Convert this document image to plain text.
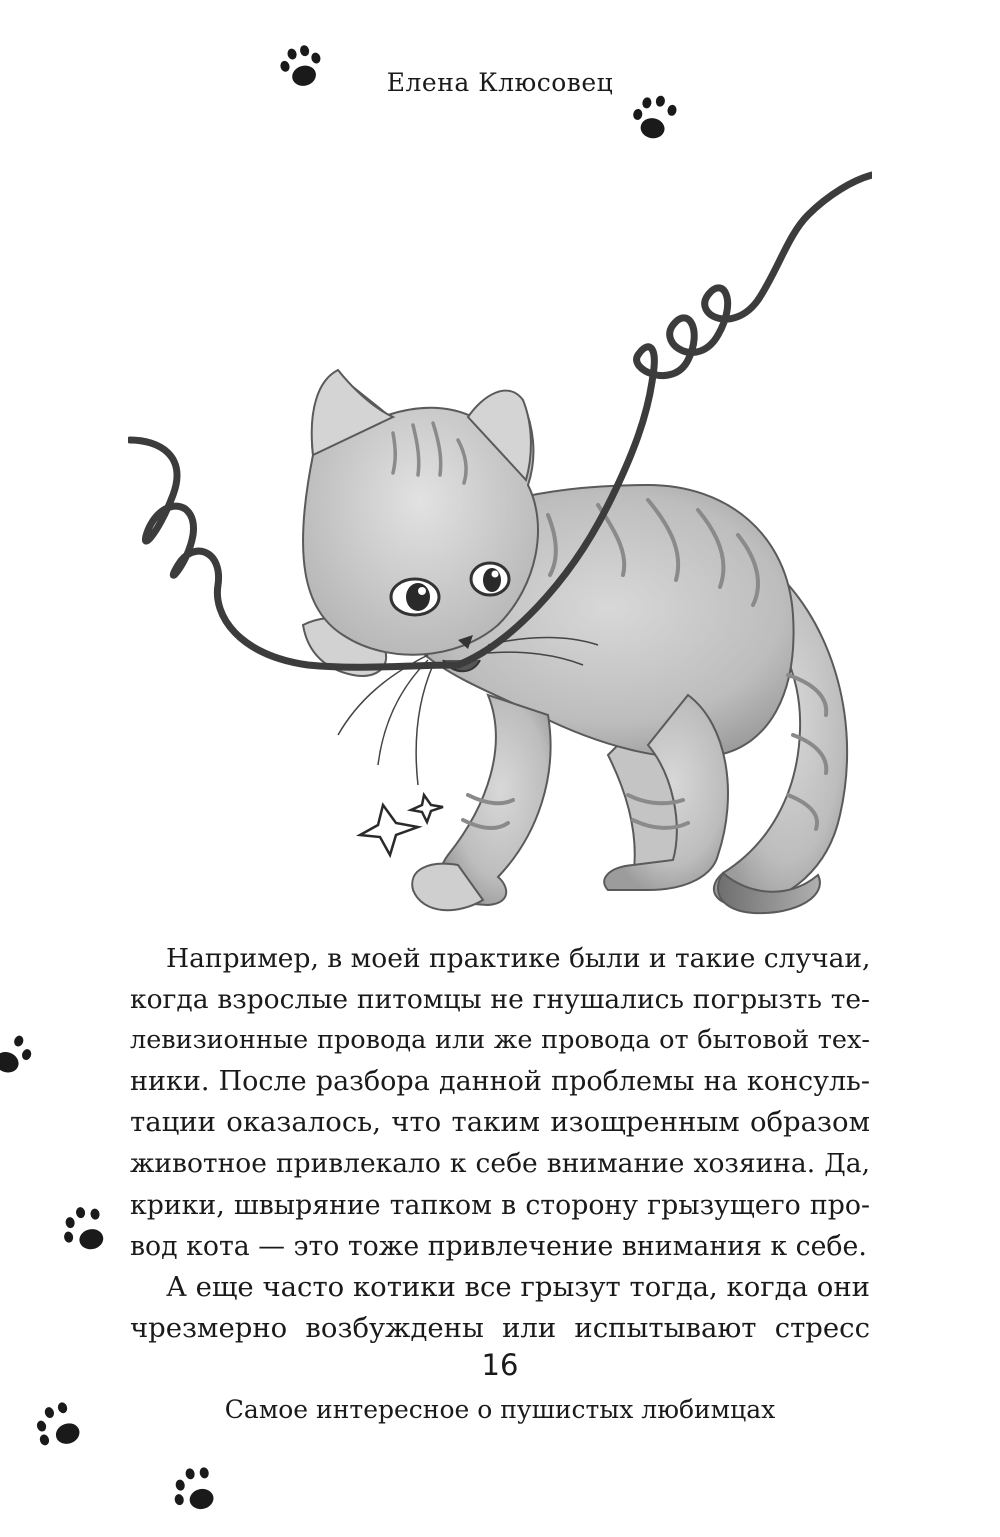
Елена Клюсовец
Например, в моей практике были и такие случаи,
когда взрослые питомцы не гнушались погрызть те-
левизионные провода или же провода от бытовой тех-
ники. После разбора данной проблемы на консуль-
тации оказалось, что таким изощренным образом
животное привлекало к себе внимание хозяина. Да,
крики, швыряние тапком в сторону грызущего про-
вод кота — это тоже привлечение внимания к себе.
А еще часто котики все грызут тогда, когда они
чрезмерно возбуждены или испытывают стресс
16
Самое интересное о пушистых любимцах
